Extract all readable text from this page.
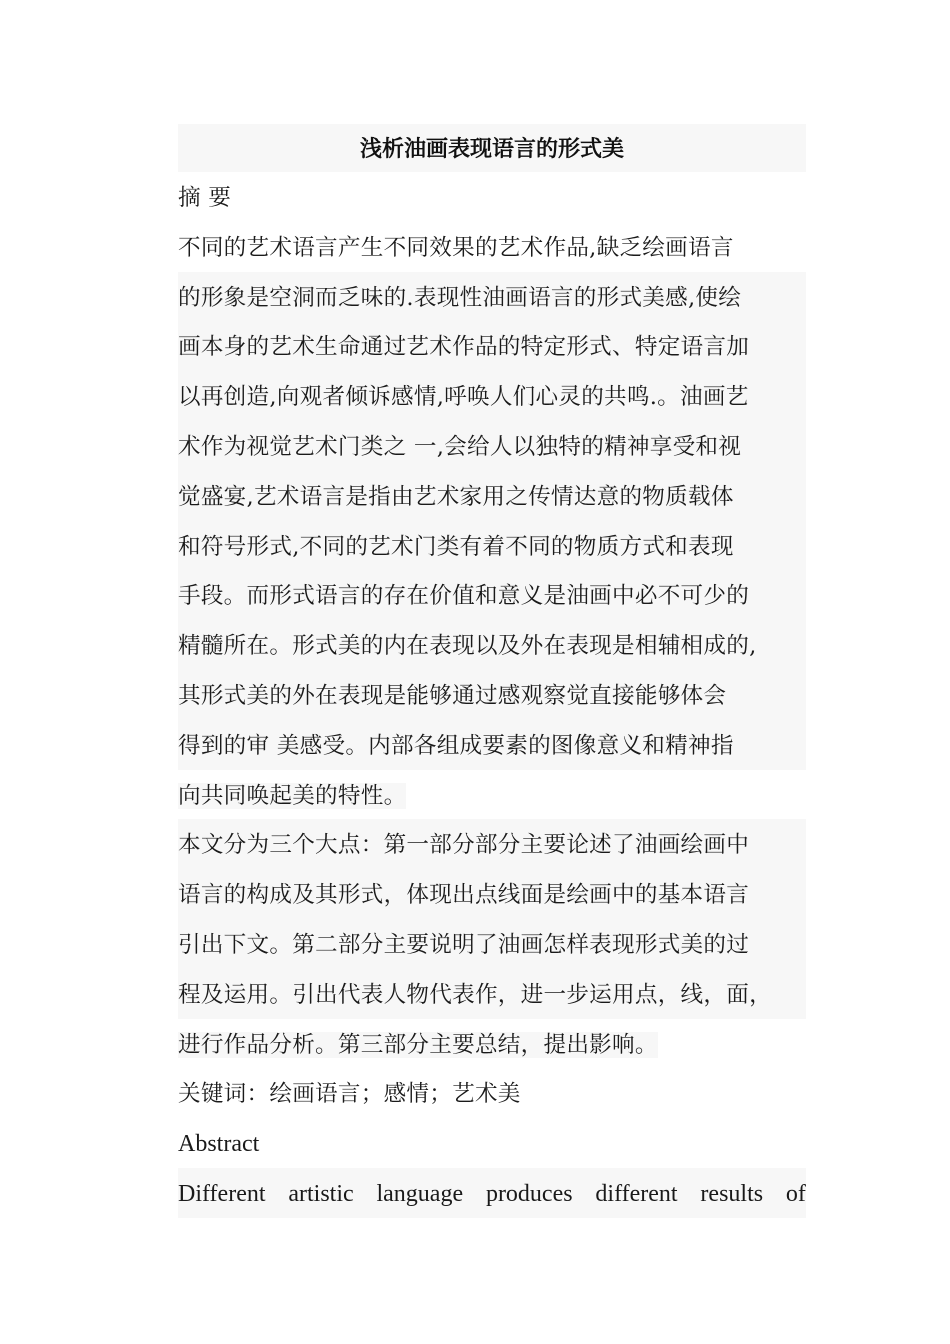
浅析油画表现语言的形式美
摘 要
不同的艺术语言产生不同效果的艺术作品,缺乏绘画语言
的形象是空洞而乏味的.表现性油画语言的形式美感,使绘
画本身的艺术生命通过艺术作品的特定形式、特定语言加
以再创造,向观者倾诉感情,呼唤人们心灵的共鸣.。油画艺
术作为视觉艺术门类之 一,会给人以独特的精神享受和视
觉盛宴,艺术语言是指由艺术家用之传情达意的物质载体
和符号形式,不同的艺术门类有着不同的物质方式和表现
手段。而形式语言的存在价值和意义是油画中必不可少的
精髓所在。形式美的内在表现以及外在表现是相辅相成的,
其形式美的外在表现是能够通过感观察觉直接能够体会
得到的审 美感受。内部各组成要素的图像意义和精神指
向共同唤起美的特性。
本文分为三个大点：第一部分部分主要论述了油画绘画中
语言的构成及其形式，体现出点线面是绘画中的基本语言
引出下文。第二部分主要说明了油画怎样表现形式美的过
程及运用。引出代表人物代表作，进一步运用点，线，面，
进行作品分析。第三部分主要总结，提出影响。
关键词：绘画语言；感情；艺术美
Abstract
Different artistic language produces different results of
